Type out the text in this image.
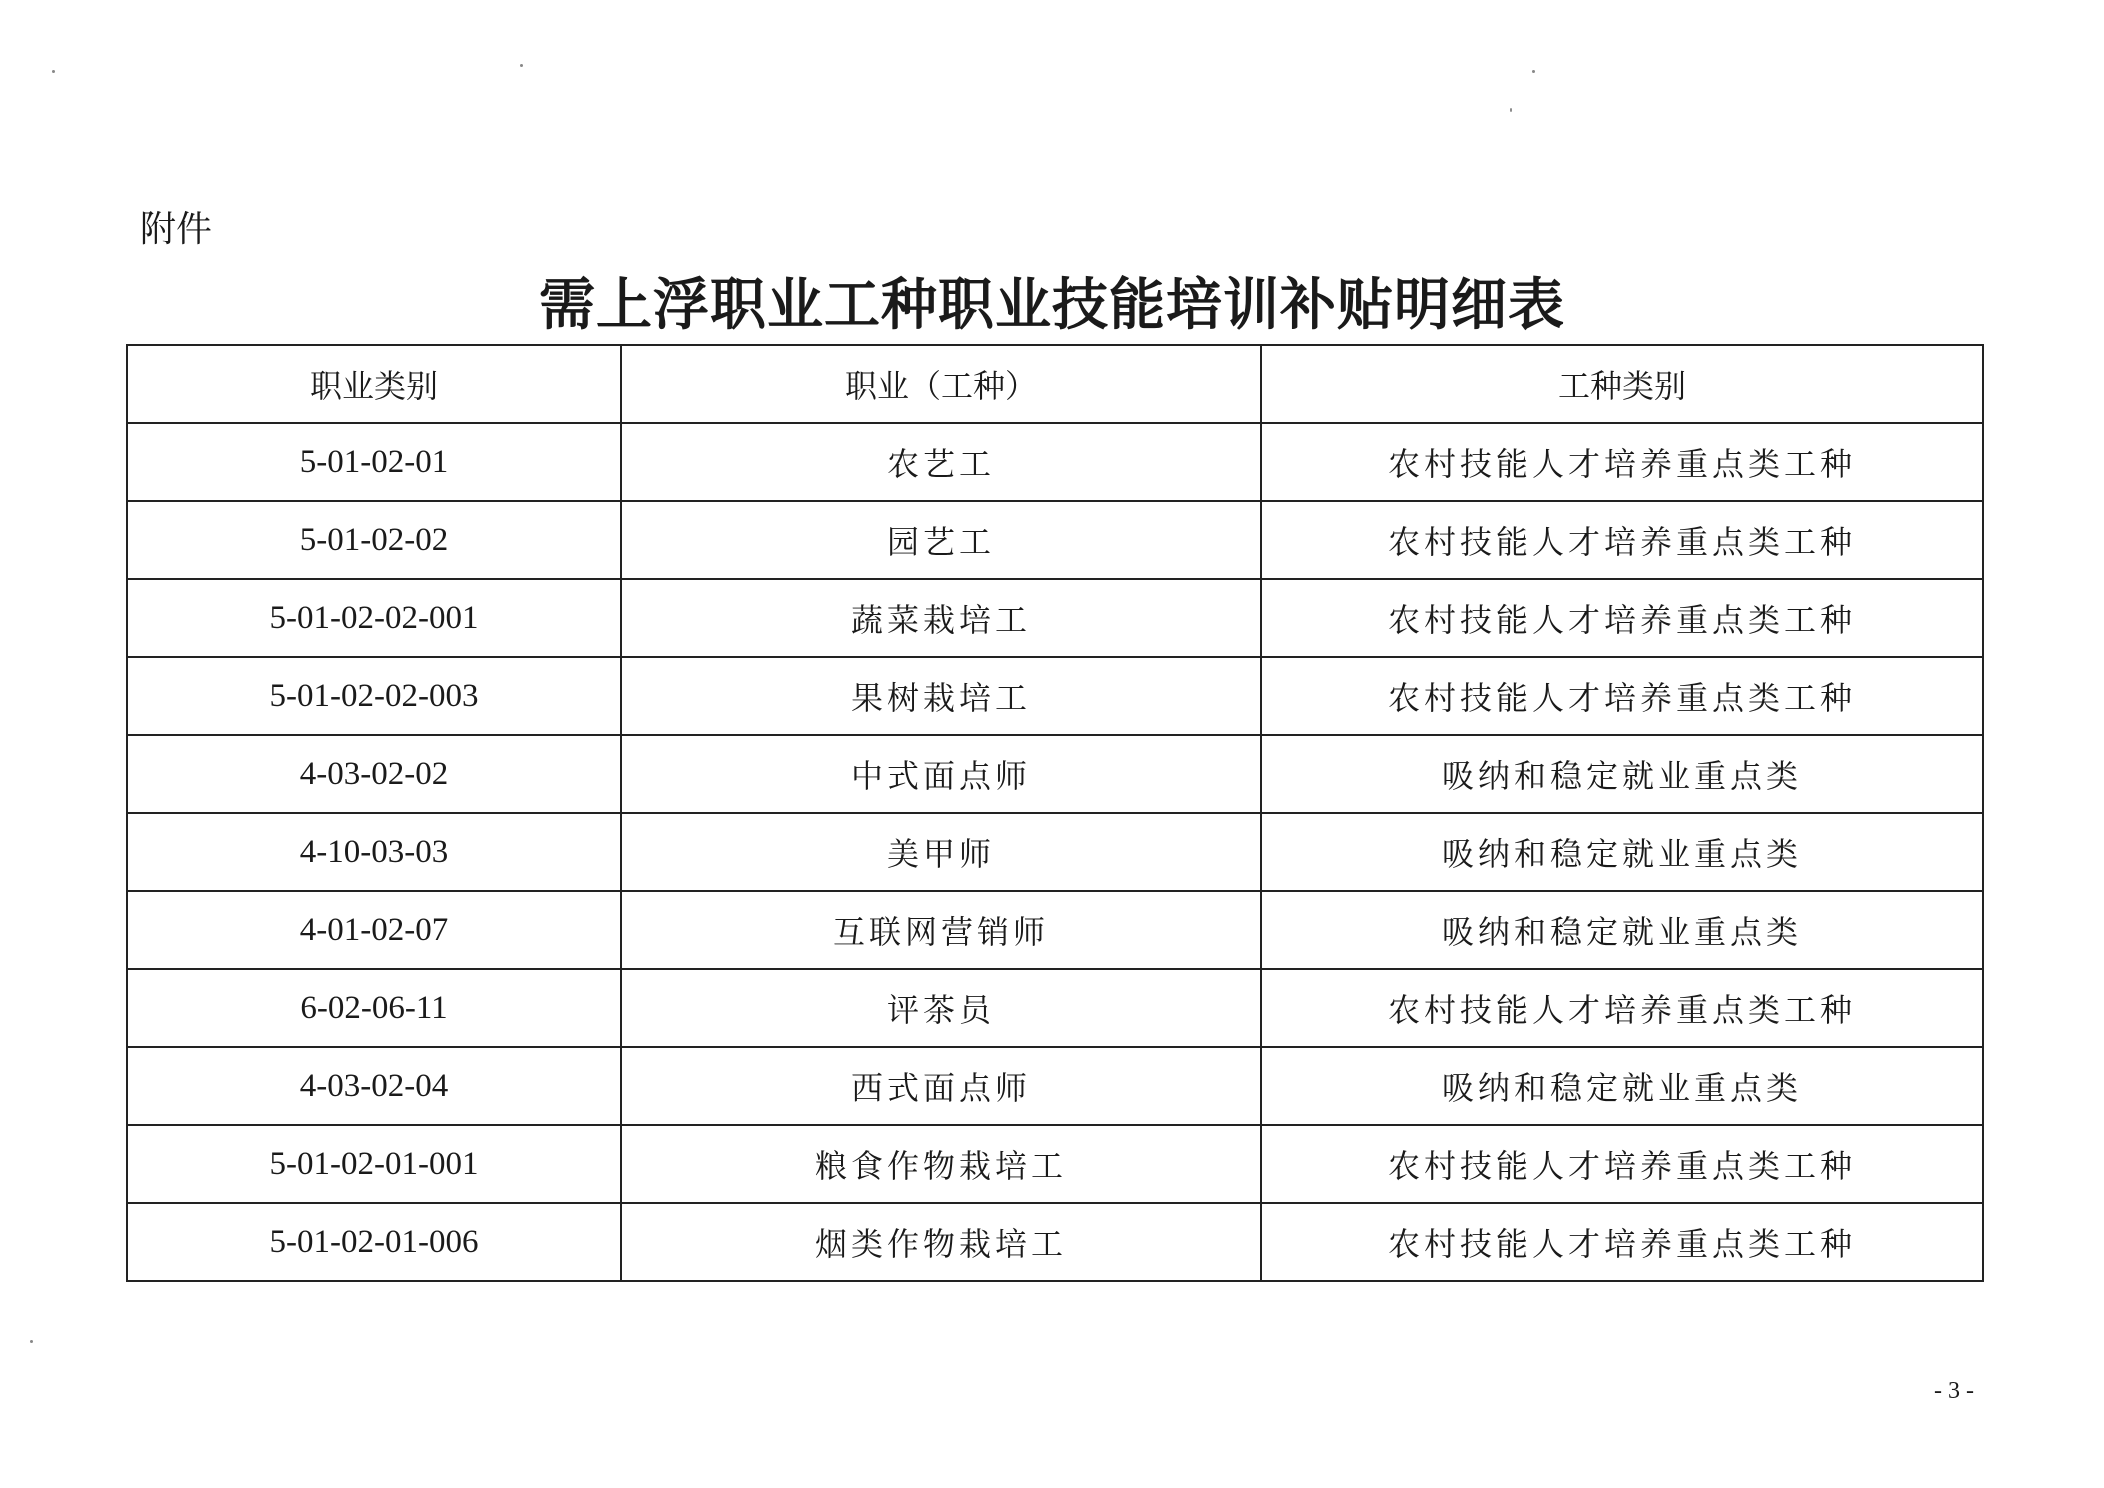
附件
需上浮职业工种职业技能培训补贴明细表
职业类别	职业（工种）	工种类别
5-01-02-01	农艺工	农村技能人才培养重点类工种
5-01-02-02	园艺工	农村技能人才培养重点类工种
5-01-02-02-001	蔬菜栽培工	农村技能人才培养重点类工种
5-01-02-02-003	果树栽培工	农村技能人才培养重点类工种
4-03-02-02	中式面点师	吸纳和稳定就业重点类
4-10-03-03	美甲师	吸纳和稳定就业重点类
4-01-02-07	互联网营销师	吸纳和稳定就业重点类
6-02-06-11	评茶员	农村技能人才培养重点类工种
4-03-02-04	西式面点师	吸纳和稳定就业重点类
5-01-02-01-001	粮食作物栽培工	农村技能人才培养重点类工种
5-01-02-01-006	烟类作物栽培工	农村技能人才培养重点类工种
- 3 -
